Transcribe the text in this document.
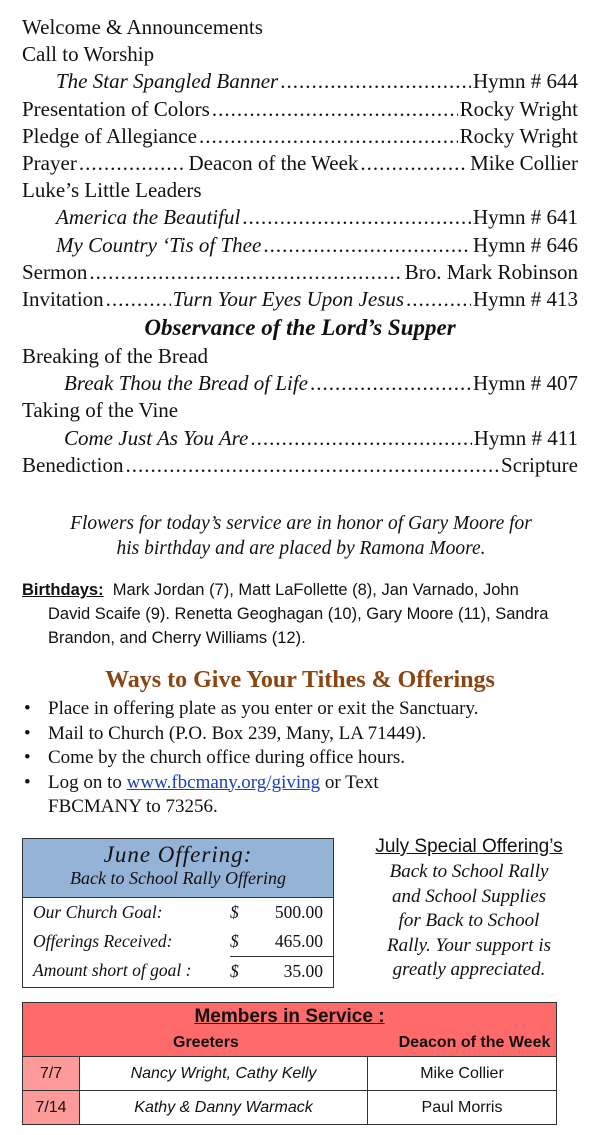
Welcome & Announcements
Call to Worship
The Star Spangled Banner .....	Hymn # 644
Presentation of Colors .....	Rocky Wright
Pledge of Allegiance .....	Rocky Wright
Prayer .....	Deacon of the Week .....	Mike Collier
Luke’s Little Leaders
America the Beautiful .....	Hymn # 641
My Country ‘Tis of Thee .....	Hymn # 646
Sermon .....	Bro. Mark Robinson
Invitation .....	Turn Your Eyes Upon Jesus .....	Hymn # 413
Observance of the Lord’s Supper
Breaking of the Bread
Break Thou the Bread of Life .....	Hymn # 407
Taking of the Vine
Come Just As You Are .....	Hymn # 411
Benediction .....	Scripture
Flowers for today’s service are in honor of Gary Moore for
his birthday and are placed by Ramona Moore.
Birthdays: Mark Jordan (7), Matt LaFollette (8), Jan Varnado, John
David Scaife (9). Renetta Geoghagan (10), Gary Moore (11), Sandra
Brandon, and Cherry Williams (12).
Ways to Give Your Tithes & Offerings
• Place in offering plate as you enter or exit the Sanctuary.
• Mail to Church (P.O. Box 239, Many, LA 71449).
• Come by the church office during office hours.
• Log on to www.fbcmany.org/giving or Text
FBCMANY to 73256.
June Offering:
Back to School Rally Offering
Our Church Goal:	$	500.00
Offerings Received:	$	465.00
Amount short of goal :	$	35.00
July Special Offering’s
Back to School Rally
and School Supplies
for Back to School
Rally. Your support is
greatly appreciated.
Members in Service :
Greeters	Deacon of the Week
7/7	Nancy Wright, Cathy Kelly	Mike Collier
7/14	Kathy & Danny Warmack	Paul Morris
